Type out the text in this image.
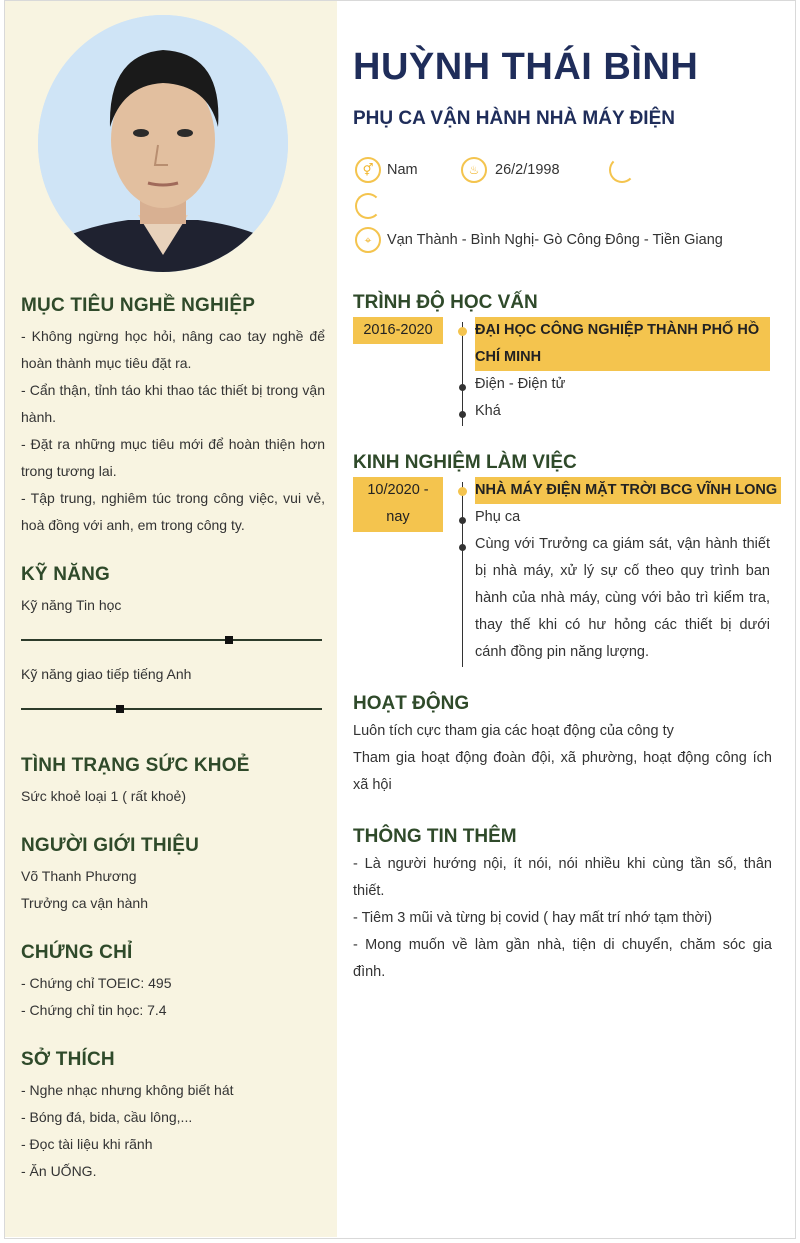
MỤC TIÊU NGHỀ NGHIỆP
- Không ngừng học hỏi, nâng cao tay nghề để
hoàn thành mục tiêu đặt ra.
- Cẩn thận, tỉnh táo khi thao tác thiết bị trong vận
hành.
- Đặt ra những mục tiêu mới để hoàn thiện hơn
trong tương lai.
- Tập trung, nghiêm túc trong công việc, vui vẻ,
hoà đồng với anh, em trong công ty.
KỸ NĂNG
Kỹ năng Tin học
Kỹ năng giao tiếp tiếng Anh
TÌNH TRẠNG SỨC KHOẺ
Sức khoẻ loại 1 ( rất khoẻ)
NGƯỜI GIỚI THIỆU
Võ Thanh Phương
Trưởng ca vận hành
CHỨNG CHỈ
- Chứng chỉ TOEIC: 495
- Chứng chỉ tin học: 7.4
SỞ THÍCH
- Nghe nhạc nhưng không biết hát
- Bóng đá, bida, cầu lông,...
- Đọc tài liệu khi rãnh
- Ăn UỐNG.
HUỲNH THÁI BÌNH
PHỤ CA VẬN HÀNH NHÀ MÁY ĐIỆN
⚥ Nam	♨	26/2/1998
⌖	Vạn Thành - Bình Nghị- Gò Công Đông - Tiền Giang
TRÌNH ĐỘ HỌC VẤN
2016-2020	ĐẠI HỌC CÔNG NGHIỆP THÀNH PHỐ HỒ
CHÍ MINH
Điện - Điện tử
Khá
KINH NGHIỆM LÀM VIỆC
10/2020 -
nay
NHÀ MÁY ĐIỆN MẶT TRỜI BCG VĨNH LONG
Phụ ca
Cùng với Trưởng ca giám sát, vận hành thiết
bị nhà máy, xử lý sự cố theo quy trình ban
hành của nhà máy, cùng với bảo trì kiểm tra,
thay thế khi có hư hỏng các thiết bị dưới
cánh đồng pin năng lượng.
HOẠT ĐỘNG
Luôn tích cực tham gia các hoạt động của công ty
Tham gia hoạt động đoàn đội, xã phường, hoạt động công ích
xã hội
THÔNG TIN THÊM
- Là người hướng nội, ít nói, nói nhiều khi cùng tần số, thân
thiết.
- Tiêm 3 mũi và từng bị covid ( hay mất trí nhớ tạm thời)
- Mong muốn về làm gần nhà, tiện di chuyển, chăm sóc gia
đình.
